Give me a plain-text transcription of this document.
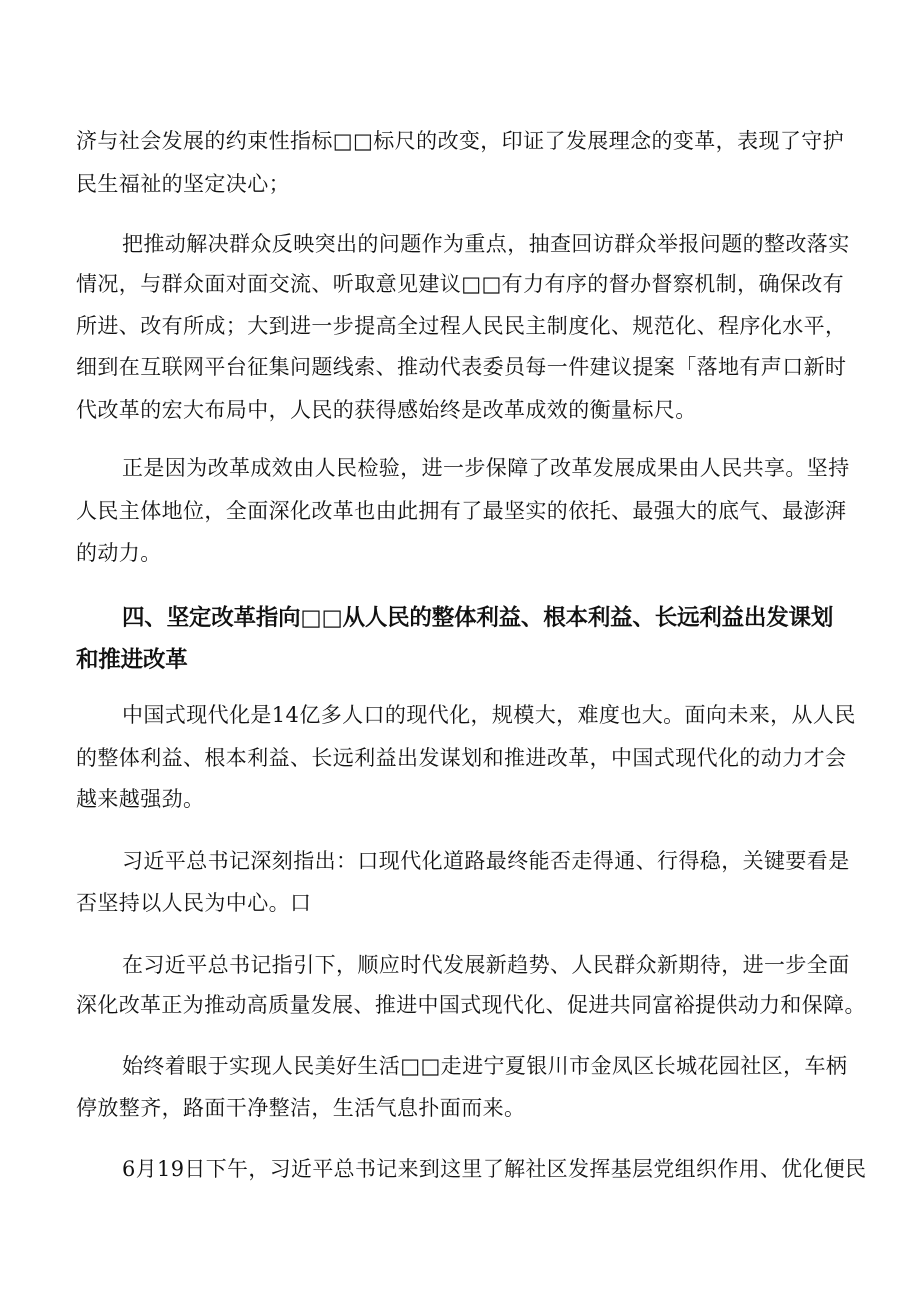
济与社会发展的约束性指标□□标尺的改变，印证了发展理念的变革，表现了守护
民生福祉的坚定决心；
把推动解决群众反映突出的问题作为重点，抽查回访群众举报问题的整改落实
情况，与群众面对面交流、听取意见建议□□有力有序的督办督察机制，确保改有
所进、改有所成；大到进一步提高全过程人民民主制度化、规范化、程序化水平，
细到在互联网平台征集问题线索、推动代表委员每一件建议提案「落地有声口新时
代改革的宏大布局中，人民的获得感始终是改革成效的衡量标尺。
正是因为改革成效由人民检验，进一步保障了改革发展成果由人民共享。坚持
人民主体地位，全面深化改革也由此拥有了最坚实的依托、最强大的底气、最澎湃
的动力。
四、坚定改革指向□□从人民的整体利益、根本利益、长远利益出发课划
和推进改革
中国式现代化是14亿多人口的现代化，规模大，难度也大。面向未来，从人民
的整体利益、根本利益、长远利益出发谋划和推进改革，中国式现代化的动力才会
越来越强劲。
习近平总书记深刻指出：口现代化道路最终能否走得通、行得稳，关键要看是
否坚持以人民为中心。口
在习近平总书记指引下，顺应时代发展新趋势、人民群众新期待，进一步全面
深化改革正为推动高质量发展、推进中国式现代化、促进共同富裕提供动力和保障。
始终着眼于实现人民美好生活□□走进宁夏银川市金凤区长城花园社区，车柄
停放整齐，路面干净整洁，生活气息扑面而来。
6月19日下午，习近平总书记来到这里了解社区发挥基层党组织作用、优化便民
